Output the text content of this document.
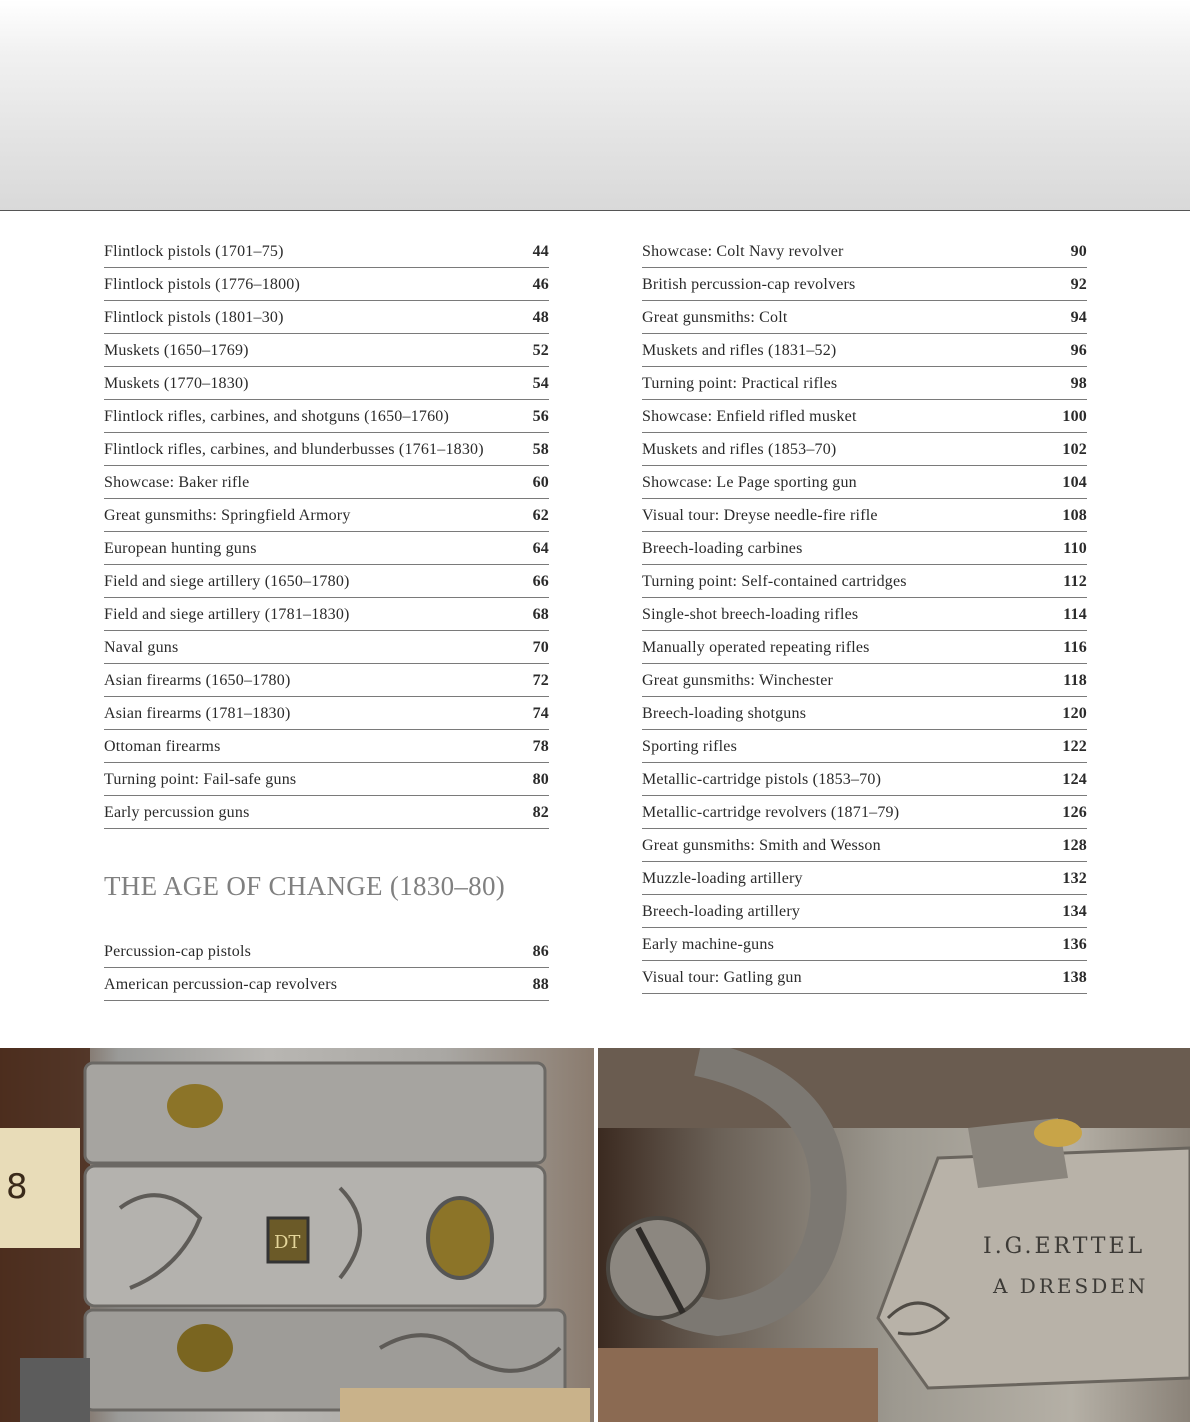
Flintlock pistols (1701–75)	44
Flintlock pistols (1776–1800)	46
Flintlock pistols (1801–30)	48
Muskets (1650–1769)	52
Muskets (1770–1830)	54
Flintlock rifles, carbines, and shotguns (1650–1760)	56
Flintlock rifles, carbines, and blunderbusses (1761–1830)	58
Showcase: Baker rifle	60
Great gunsmiths: Springfield Armory	62
European hunting guns	64
Field and siege artillery (1650–1780)	66
Field and siege artillery (1781–1830)	68
Naval guns	70
Asian firearms (1650–1780)	72
Asian firearms (1781–1830)	74
Ottoman firearms	78
Turning point: Fail-safe guns	80
Early percussion guns	82
THE AGE OF CHANGE (1830–80)
Percussion-cap pistols	86
American percussion-cap revolvers	88
Showcase: Colt Navy revolver	90
British percussion-cap revolvers	92
Great gunsmiths: Colt	94
Muskets and rifles (1831–52)	96
Turning point: Practical rifles	98
Showcase: Enfield rifled musket	100
Muskets and rifles (1853–70)	102
Showcase: Le Page sporting gun	104
Visual tour: Dreyse needle-fire rifle	108
Breech-loading carbines	110
Turning point: Self-contained cartridges	112
Single-shot breech-loading rifles	114
Manually operated repeating rifles	116
Great gunsmiths: Winchester	118
Breech-loading shotguns	120
Sporting rifles	122
Metallic-cartridge pistols (1853–70)	124
Metallic-cartridge revolvers (1871–79)	126
Great gunsmiths: Smith and Wesson	128
Muzzle-loading artillery	132
Breech-loading artillery	134
Early machine-guns	136
Visual tour: Gatling gun	138
8
DT	I.G.ERTTEL
A DRESDEN
